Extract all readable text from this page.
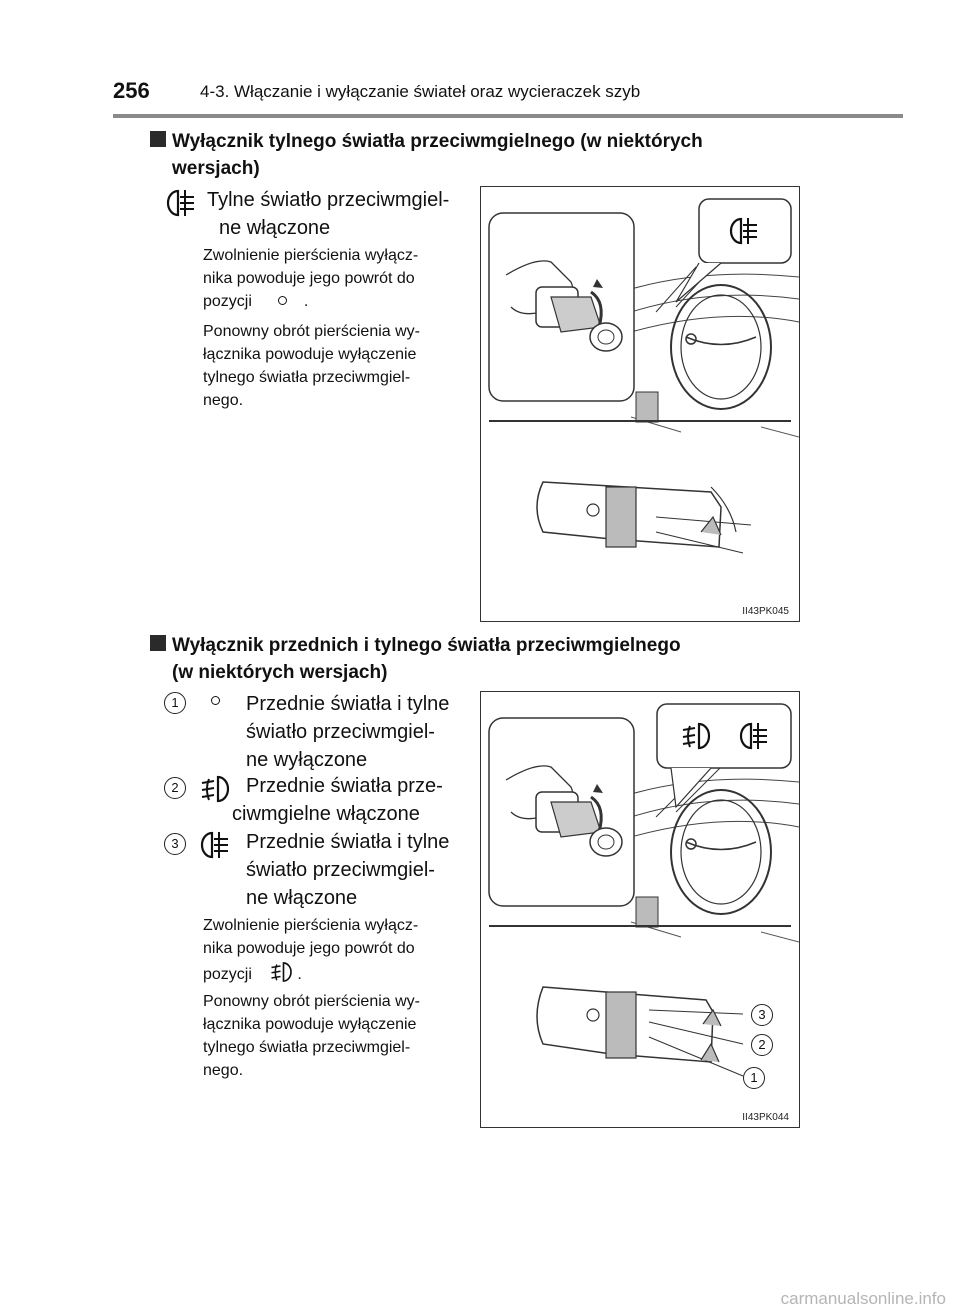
256	4-3. Włączanie i wyłączanie świateł oraz wycieraczek szyb
Wyłącznik tylnego światła przeciwmgielnego (w niektórych
wersjach)
Tylne światło przeciwmgiel-
ne włączone
Zwolnienie pierścienia wyłącz-
nika powoduje jego powrót do
pozycji	.
Ponowny obrót pierścienia wy-
łącznika powoduje wyłączenie
tylnego światła przeciwmgiel-
nego.
II43PK045
Wyłącznik przednich i tylnego światła przeciwmgielnego
(w niektórych wersjach)
1	Przednie światła i tylne
światło przeciwmgiel-
ne wyłączone
2	Przednie światła prze-
ciwmgielne włączone
3	Przednie światła i tylne
światło przeciwmgiel-
ne włączone
Zwolnienie pierścienia wyłącz-
nika powoduje jego powrót do
pozycji	.
Ponowny obrót pierścienia wy-
łącznika powoduje wyłączenie
tylnego światła przeciwmgiel-
nego.
3
2
1
II43PK044
carmanualsonline.info
